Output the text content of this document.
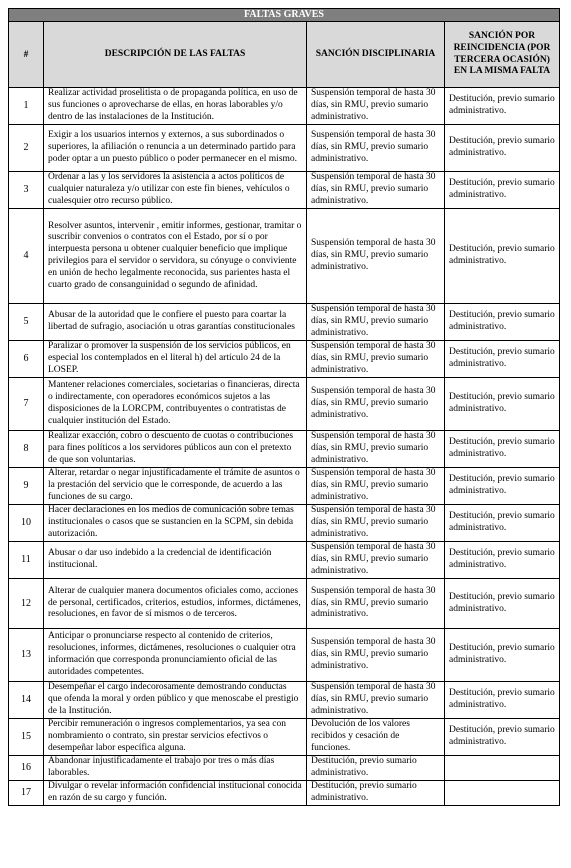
FALTAS GRAVES			
#	DESCRIPCIÓN DE LAS FALTAS	SANCIÓN DISCIPLINARIA	SANCIÓN POR REINCIDENCIA (POR TERCERA OCASIÓN) EN LA MISMA FALTA
1	Realizar actividad proselitista o de propaganda política, en uso de sus funciones o aprovecharse de ellas, en horas laborables y/o dentro de las instalaciones de la Institución.	Suspensión temporal de hasta 30 días, sin RMU, previo sumario administrativo.	Destitución, previo sumario administrativo.
2	Exigir a los usuarios internos y externos, a sus subordinados o superiores, la afiliación o renuncia a un determinado partido para poder optar a un puesto público o poder permanecer en el mismo.	Suspensión temporal de hasta 30 días, sin RMU, previo sumario administrativo.	Destitución, previo sumario administrativo.
3	Ordenar a las y los servidores la asistencia a actos políticos de cualquier naturaleza y/o utilizar con este fin bienes, vehículos o cualesquier otro recurso público.	Suspensión temporal de hasta 30 días, sin RMU, previo sumario administrativo.	Destitución, previo sumario administrativo.
4	Resolver asuntos, intervenir , emitir informes, gestionar, tramitar o suscribir convenios o contratos con el Estado, por sí o por interpuesta persona u obtener cualquier beneficio que implique privilegios para el servidor o servidora, su cónyuge o conviviente en unión de hecho legalmente reconocida, sus parientes hasta el cuarto grado de consanguinidad o segundo de afinidad.	Suspensión temporal de hasta 30 días, sin RMU, previo sumario administrativo.	Destitución, previo sumario administrativo.
5	Abusar de la autoridad que le confiere el puesto para coartar la libertad de sufragio, asociación u otras garantías constitucionales	Suspensión temporal de hasta 30 días, sin RMU, previo sumario administrativo.	Destitución, previo sumario administrativo.
6	Paralizar o promover la suspensión de los servicios públicos, en especial los contemplados en el literal h) del artículo 24 de la LOSEP.	Suspensión temporal de hasta 30 días, sin RMU, previo sumario administrativo.	Destitución, previo sumario administrativo.
7	Mantener relaciones comerciales, societarias o financieras, directa o indirectamente, con operadores económicos sujetos a las disposiciones de la LORCPM, contribuyentes o contratistas de cualquier institución del Estado.	Suspensión temporal de hasta 30 días, sin RMU, previo sumario administrativo.	Destitución, previo sumario administrativo.
8	Realizar exacción, cobro o descuento de cuotas o contribuciones para fines políticos a los servidores públicos aun con el pretexto de que son voluntarias.	Suspensión temporal de hasta 30 días, sin RMU, previo sumario administrativo.	Destitución, previo sumario administrativo.
9	Alterar, retardar o negar injustificadamente el trámite de asuntos o la prestación del servicio que le corresponde, de acuerdo a las funciones de su cargo.	Suspensión temporal de hasta 30 días, sin RMU, previo sumario administrativo.	Destitución, previo sumario administrativo.
10	Hacer declaraciones en los medios de comunicación sobre temas institucionales o casos que se sustancien en la SCPM, sin debida autorización.	Suspensión temporal de hasta 30 días, sin RMU, previo sumario administrativo.	Destitución, previo sumario administrativo.
11	Abusar o dar uso indebido a la credencial de identificación institucional.	Suspensión temporal de hasta 30 días, sin RMU, previo sumario administrativo.	Destitución, previo sumario administrativo.
12	Alterar de cualquier manera documentos oficiales como, acciones de personal, certificados, criterios, estudios, informes, dictámenes, resoluciones, en favor de sí mismos o de terceros.	Suspensión temporal de hasta 30 días, sin RMU, previo sumario administrativo.	Destitución, previo sumario administrativo.
13	Anticipar o pronunciarse respecto al contenido de criterios, resoluciones, informes, dictámenes, resoluciones o cualquier otra información que corresponda pronunciamiento oficial de las autoridades competentes.	Suspensión temporal de hasta 30 días, sin RMU, previo sumario administrativo.	Destitución, previo sumario administrativo.
14	Desempeñar el cargo indecorosamente demostrando conductas que ofenda la moral y orden público y que menoscabe el prestigio de la Institución.	Suspensión temporal de hasta 30 días, sin RMU, previo sumario administrativo.	Destitución, previo sumario administrativo.
15	Percibir remuneración o ingresos complementarios, ya sea con nombramiento o contrato, sin prestar servicios efectivos o desempeñar labor específica alguna.	Devolución de los valores recibidos y cesación de funciones.	Destitución, previo sumario administrativo.
16	Abandonar injustificadamente el trabajo por tres o más días laborables.	Destitución, previo sumario administrativo.	
17	Divulgar o revelar información confidencial institucional conocida en razón de su cargo y función.	Destitución, previo sumario administrativo.	
